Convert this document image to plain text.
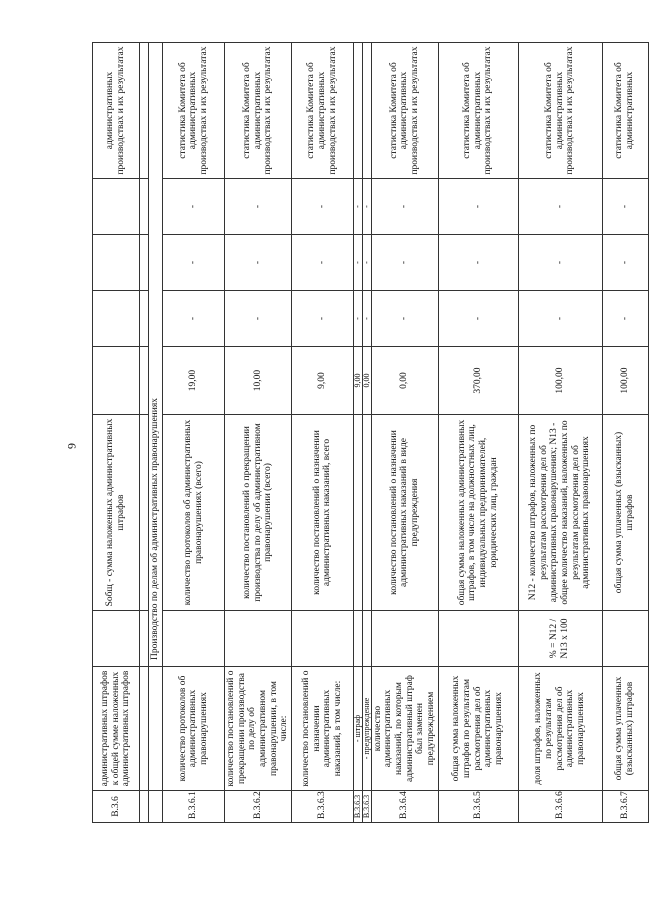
6
В.3.6	административных штрафов к общей сумме наложенных административных штрафов		Sобщ - сумма наложенных административных штрафов					административных производствах и их результатах

		Производство по делам об административных правонарушениях						
В.3.6.1	количество протоколов об административных правонарушениях		количество протоколов об административных правонарушениях (всего)	19,00	-	-	-	статистика Комитета об административных производствах и их результатах
В.3.6.2	количество постановлений о прекращении производства по делу об административном правонарушении, в том числе:		количество постановлений о прекращении производства по делу об административном правонарушении (всего)	10,00	-	-	-	статистика Комитета об административных производствах и их результатах
В.3.6.3	количество постановлений о назначении административных наказаний, в том числе:		количество постановлений о назначении административных наказаний, всего	9,00	-	-	-	статистика Комитета об административных производствах и их результатах
В.3.6.3	- штраф			9,00	-	-	-	
В.3.6.3	- предупреждение			0,00	-	-	-	
В.3.6.4	количество административных наказаний, по которым административный штраф был заменен предупреждением		количество постановлений о назначении административных наказаний в виде предупреждения	0,00	-	-	-	статистика Комитета об административных производствах и их результатах
В.3.6.5	общая сумма наложенных штрафов по результатам рассмотрения дел об административных правонарушениях		общая сумма наложенных административных штрафов, в том числе на должностных лиц, индивидуальных предпринимателей, юридических лиц, граждан	370,00	-	-	-	статистика Комитета об административных производствах и их результатах
В.3.6.6	доля штрафов, наложенных по результатам рассмотрения дел об административных правонарушениях	% = N12 / N13 x 100	N12 - количество штрафов, наложенных по результатам рассмотрения дел об административных правонарушениях; N13 - общее количество наказаний, наложенных по результатам рассмотрения дел об административных правонарушениях	100,00	-	-	-	статистика Комитета об административных производствах и их результатах
В.3.6.7	общая сумма уплаченных (взысканных) штрафов		общая сумма уплаченных (взысканных) штрафов	100,00	-	-	-	статистика Комитета об административных
